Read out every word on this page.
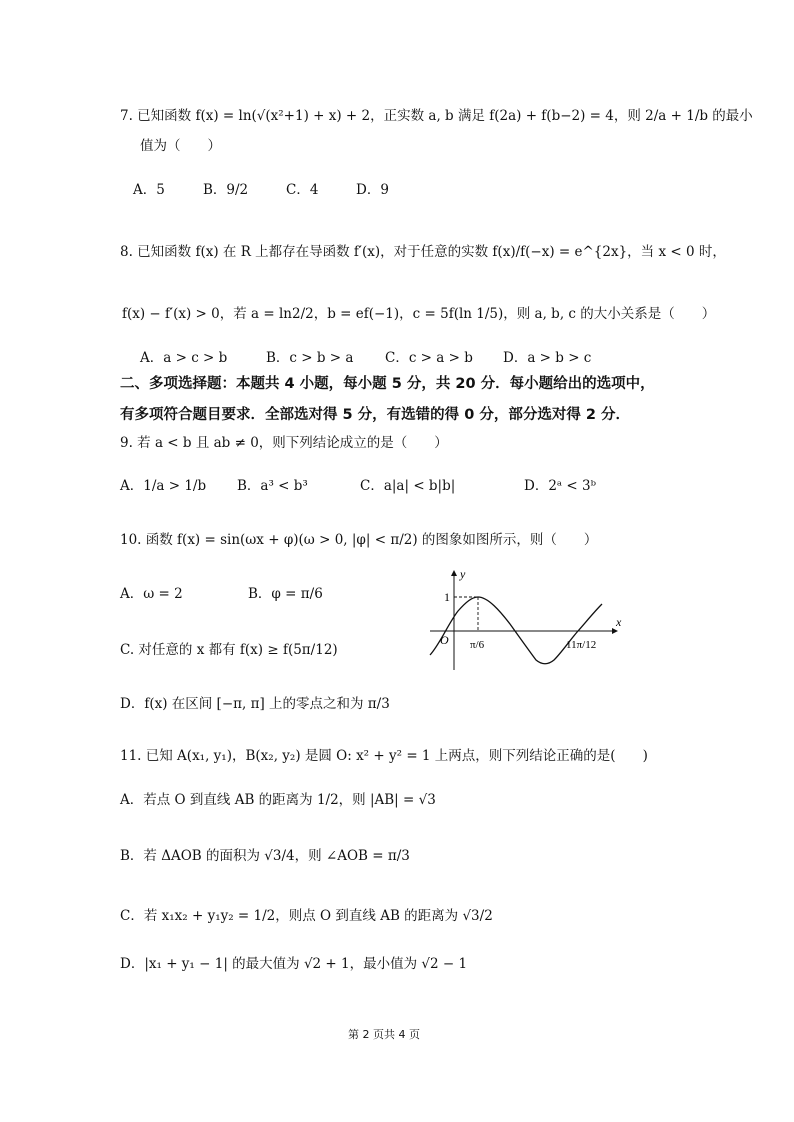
7. 已知函数 f(x) = ln(√(x²+1) + x) + 2，正实数 a, b 满足 f(2a) + f(b−2) = 4，则 2/a + 1/b 的最小
值为（　　）
A．5	B．9/2	C．4	D．9
8. 已知函数 f(x) 在 R 上都存在导函数 f′(x)，对于任意的实数 f(x)/f(−x) = e^{2x}，当 x < 0 时，
f(x) − f′(x) > 0，若 a = ln2/2，b = ef(−1)，c = 5f(ln 1/5)，则 a, b, c 的大小关系是（　　）
A．a > c > b	B．c > b > a C．c > a > b D．a > b > c
二、多项选择题：本题共 4 小题，每小题 5 分，共 20 分．每小题给出的选项中，
有多项符合题目要求．全部选对得 5 分，有选错的得 0 分，部分选对得 2 分．
9. 若 a < b 且 ab ≠ 0，则下列结论成立的是（　　）
A．1/a > 1/b B．a³ < b³	C．a|a| < b|b|	D．2ᵃ < 3ᵇ
10. 函数 f(x) = sin(ωx + φ)(ω > 0, |φ| < π/2) 的图象如图所示，则（　　）
A．ω = 2	B．φ = π/6
C. 对任意的 x 都有 f(x) ≥ f(5π/12)
D．f(x) 在区间 [−π, π] 上的零点之和为 π/3
y
x
O
1
π/6	11π/12
11. 已知 A(x₁, y₁)，B(x₂, y₂) 是圆 O: x² + y² = 1 上两点，则下列结论正确的是(　　)
A．若点 O 到直线 AB 的距离为 1/2，则 |AB| = √3
B．若 ΔAOB 的面积为 √3/4，则 ∠AOB = π/3
C．若 x₁x₂ + y₁y₂ = 1/2，则点 O 到直线 AB 的距离为 √3/2
D．|x₁ + y₁ − 1| 的最大值为 √2 + 1，最小值为 √2 − 1
第 2 页共 4 页
